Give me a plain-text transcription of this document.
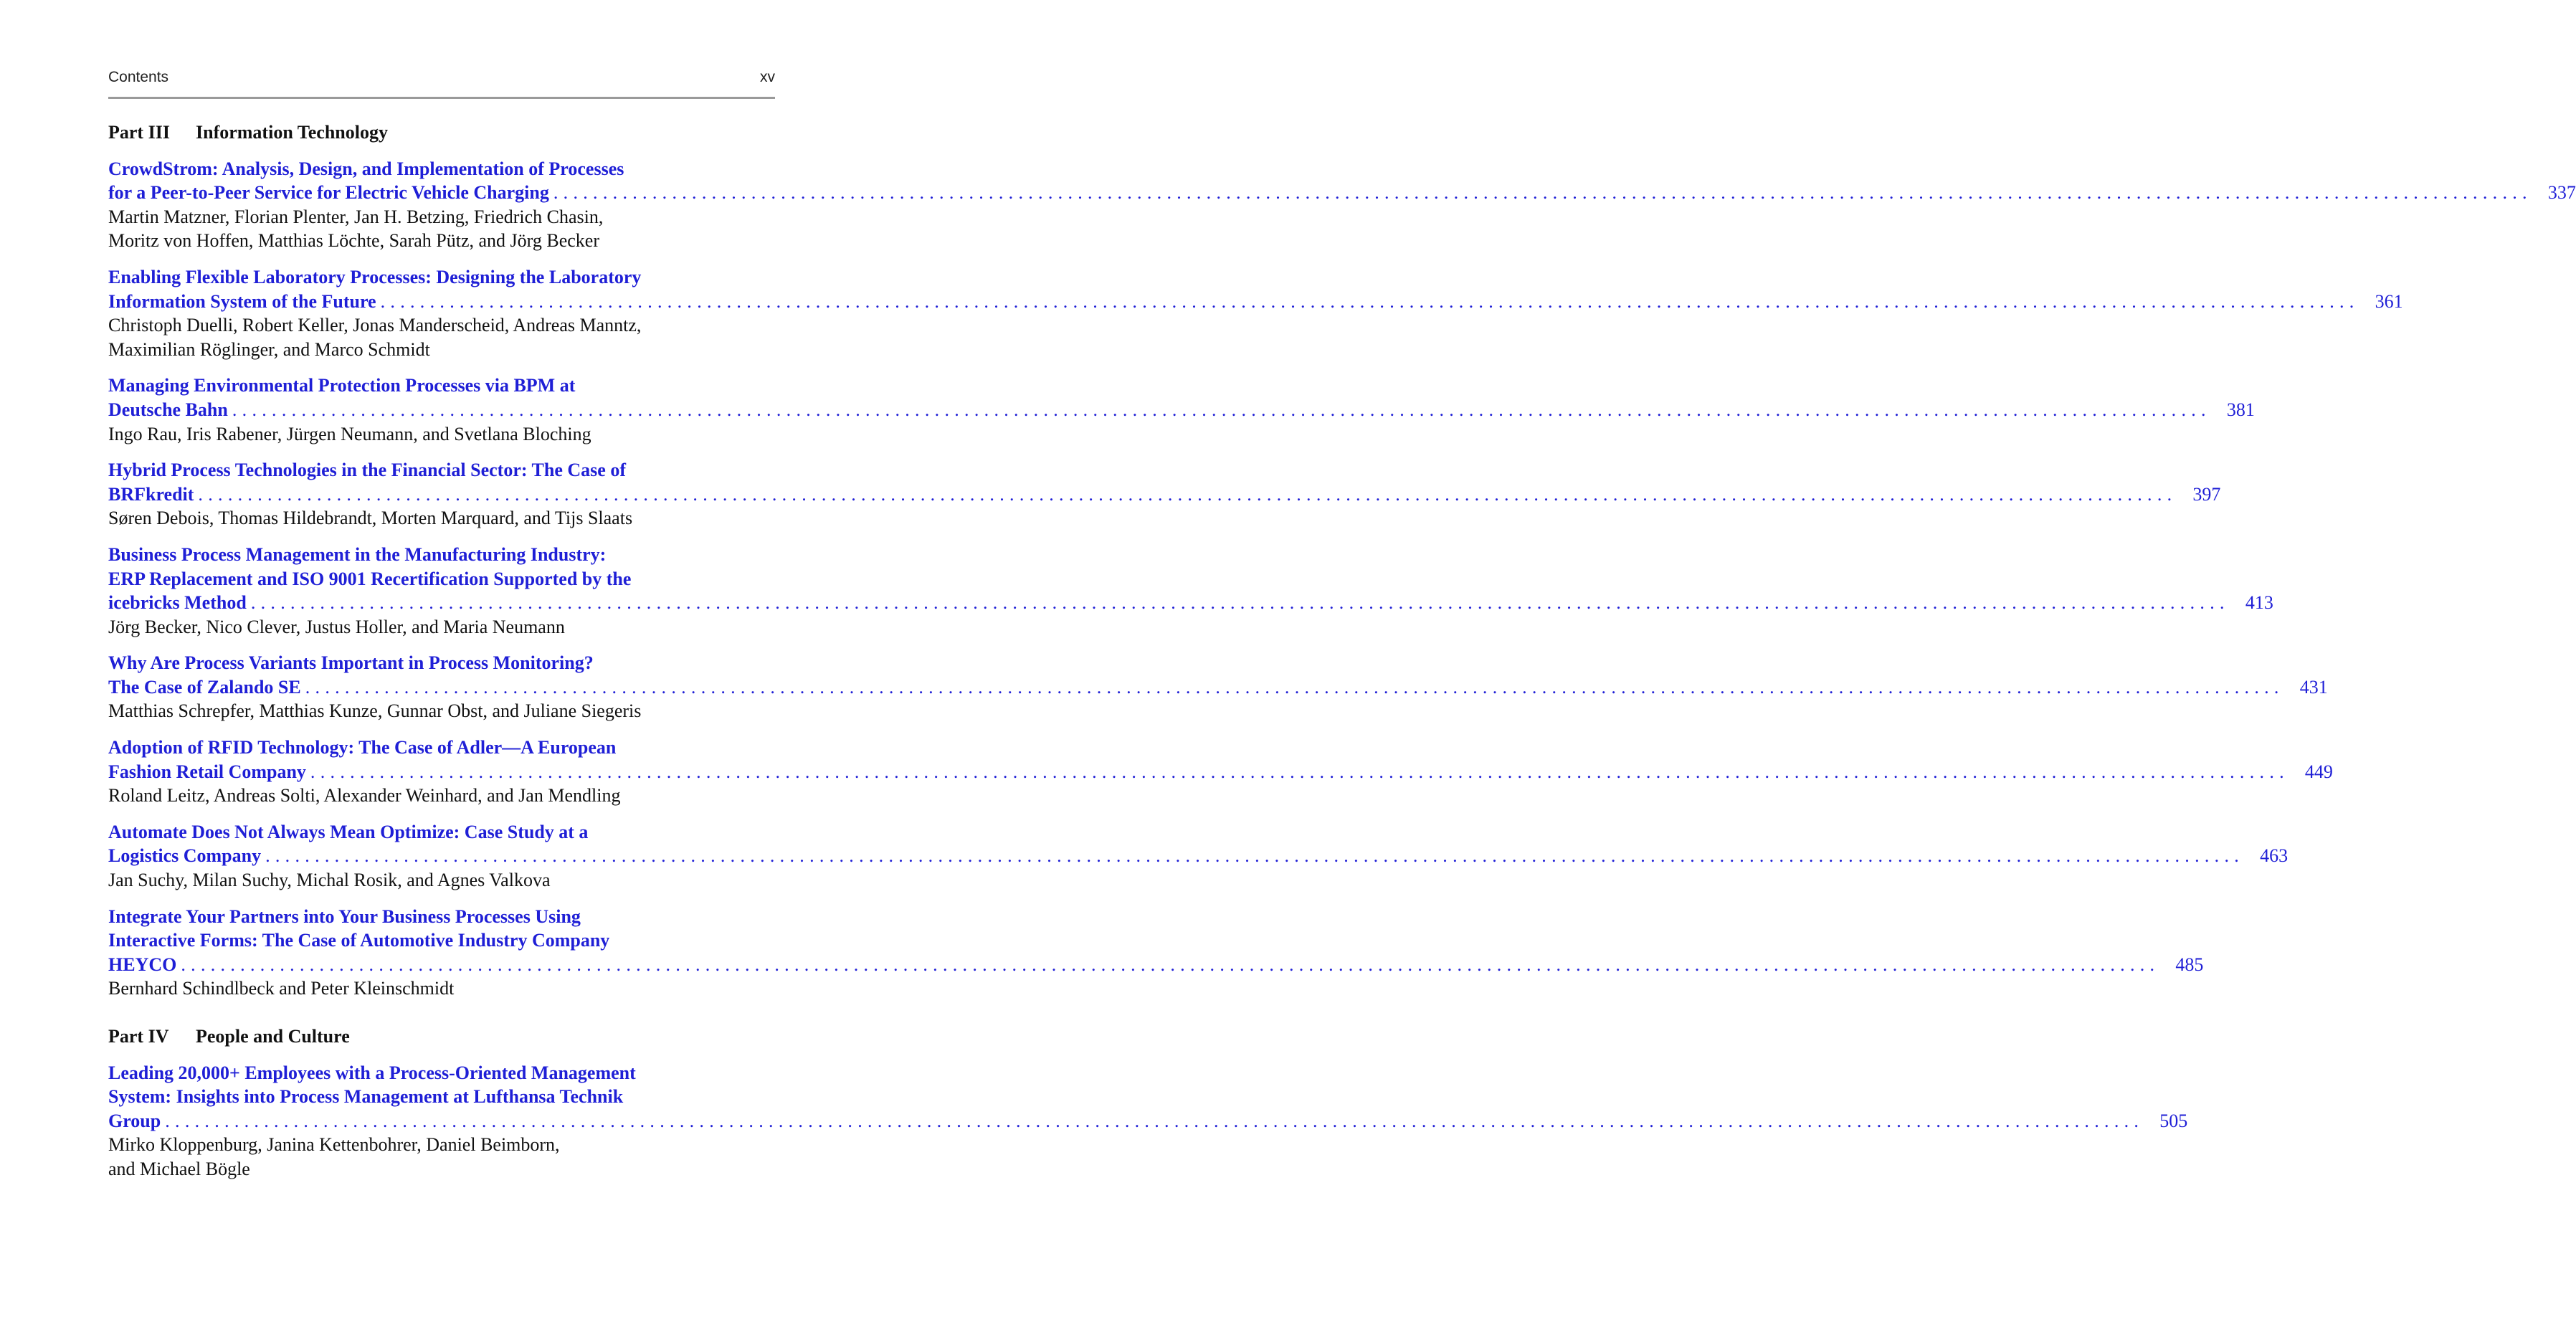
Contents	xv
Part III Information Technology
CrowdStrom: Analysis, Design, and Implementation of Processes
for a Peer-to-Peer Service for Electric Vehicle Charging ........................................................................................................................................................................................................ 337
Martin Matzner, Florian Plenter, Jan H. Betzing, Friedrich Chasin,
Moritz von Hoffen, Matthias Löchte, Sarah Pütz, and Jörg Becker
Enabling Flexible Laboratory Processes: Designing the Laboratory
Information System of the Future ........................................................................................................................................................................................................ 361
Christoph Duelli, Robert Keller, Jonas Manderscheid, Andreas Manntz,
Maximilian Röglinger, and Marco Schmidt
Managing Environmental Protection Processes via BPM at
Deutsche Bahn ........................................................................................................................................................................................................ 381
Ingo Rau, Iris Rabener, Jürgen Neumann, and Svetlana Bloching
Hybrid Process Technologies in the Financial Sector: The Case of
BRFkredit ........................................................................................................................................................................................................ 397
Søren Debois, Thomas Hildebrandt, Morten Marquard, and Tijs Slaats
Business Process Management in the Manufacturing Industry:
ERP Replacement and ISO 9001 Recertification Supported by the
icebricks Method ........................................................................................................................................................................................................ 413
Jörg Becker, Nico Clever, Justus Holler, and Maria Neumann
Why Are Process Variants Important in Process Monitoring?
The Case of Zalando SE ........................................................................................................................................................................................................ 431
Matthias Schrepfer, Matthias Kunze, Gunnar Obst, and Juliane Siegeris
Adoption of RFID Technology: The Case of Adler—A European
Fashion Retail Company ........................................................................................................................................................................................................ 449
Roland Leitz, Andreas Solti, Alexander Weinhard, and Jan Mendling
Automate Does Not Always Mean Optimize: Case Study at a
Logistics Company ........................................................................................................................................................................................................ 463
Jan Suchy, Milan Suchy, Michal Rosik, and Agnes Valkova
Integrate Your Partners into Your Business Processes Using
Interactive Forms: The Case of Automotive Industry Company
HEYCO ........................................................................................................................................................................................................ 485
Bernhard Schindlbeck and Peter Kleinschmidt
Part IV People and Culture
Leading 20,000+ Employees with a Process-Oriented Management
System: Insights into Process Management at Lufthansa Technik
Group ........................................................................................................................................................................................................ 505
Mirko Kloppenburg, Janina Kettenbohrer, Daniel Beimborn,
and Michael Bögle
